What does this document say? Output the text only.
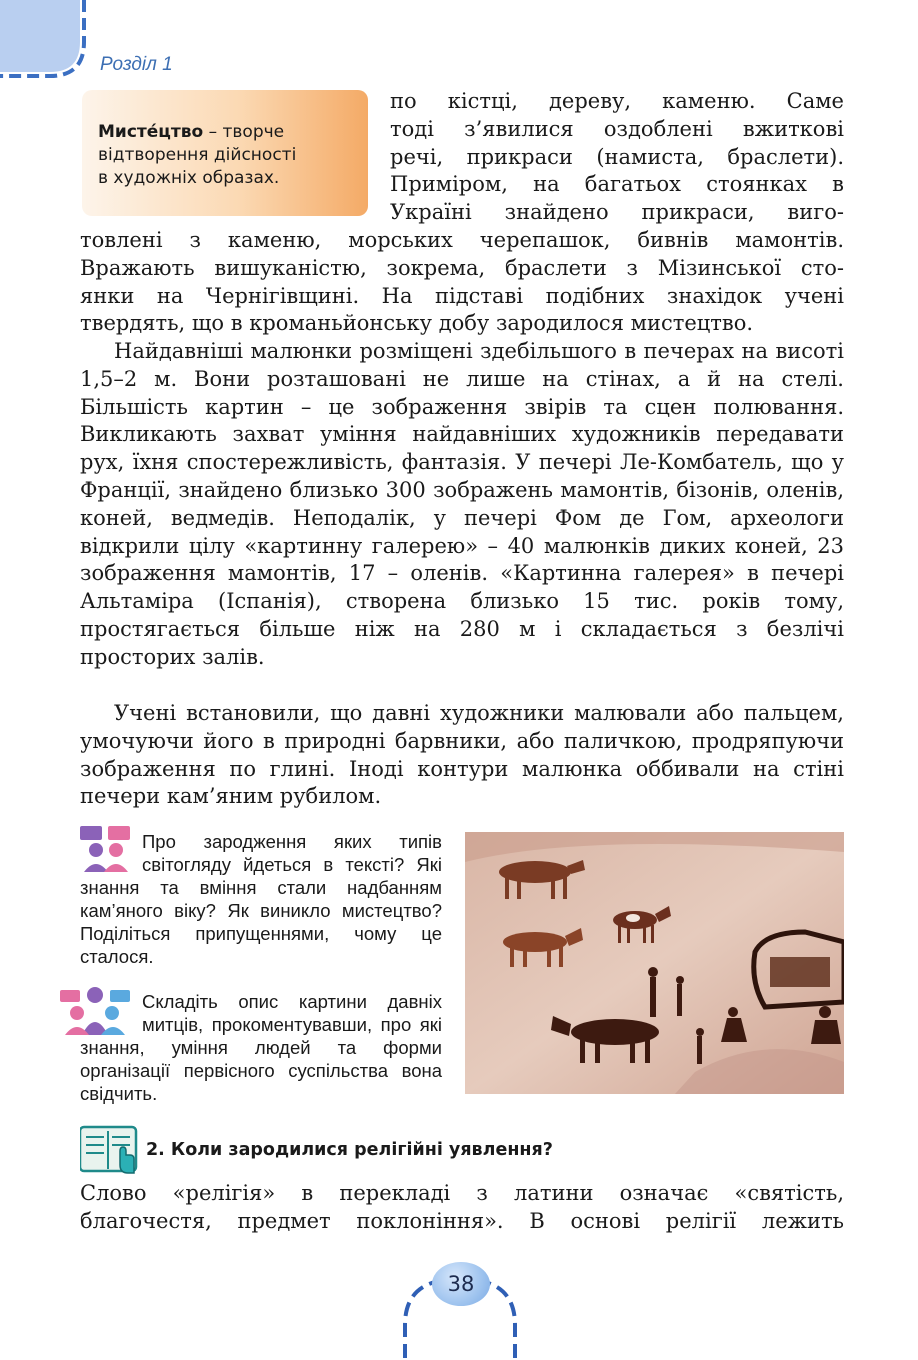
Розділ 1
Мисте́цтво – творче
відтворення дійсності
в художніх образах.

по кістці, дереву, каменю. Саме

тоді з’явилися оздоблені вжиткові

речі, прикраси (намиста, браслети).

Приміром, на багатьох стоянках в

Україні знайдено прикраси, виго-

товлені з каменю, морських черепашок, бивнів мамонтів.

Вражають вишуканістю, зокрема, браслети з Мізинської сто-

янки на Чернігівщині. На підставі подібних знахідок учені

твердять, що в кроманьйонську добу зародилося мистецтво.

Найдавніші малюнки розміщені здебільшого в печерах на висоті 1,5–2 м. Вони розташовані не лише на стінах, а й на стелі. Більшість картин – це зображення звірів та сцен полювання. Викликають захват уміння найдавніших художників передавати рух, їхня спостережливість, фантазія. У печері Ле-Комбатель, що у Франції, знайдено близько 300 зображень мамонтів, бізонів, оленів, коней, ведмедів. Неподалік, у печері Фом де Гом, археологи відкрили цілу «картинну галерею» – 40 малюнків диких коней, 23 зображення мамонтів, 17 – оленів. «Картинна галерея» в печері Альтаміра (Іспанія), створена близько 15 тис. років тому, простягається більше ніж на 280 м і складається з безлічі просторих залів.

Учені встановили, що давні художники малювали або пальцем, умочуючи його в природні барвники, або паличкою, продряпуючи зображення по глині. Іноді контури малюнка оббивали на стіні печери кам’яним рубилом.

Про зародження яких типів світогляду йдеться в тексті? Які знання та вміння стали надбанням кам’яного віку? Як виникло мистецтво? Поділіться припущеннями, чому це сталося.
Складіть опис картини давніх митців, прокоментувавши, про які знання, уміння людей та форми організації первісного суспільства вона свідчить.
2. Коли зародилися релігійні уявлення?

Слово «релігія» в перекладі з латини означає «святість, благочестя, предмет поклоніння». В основі релігії лежить

38
